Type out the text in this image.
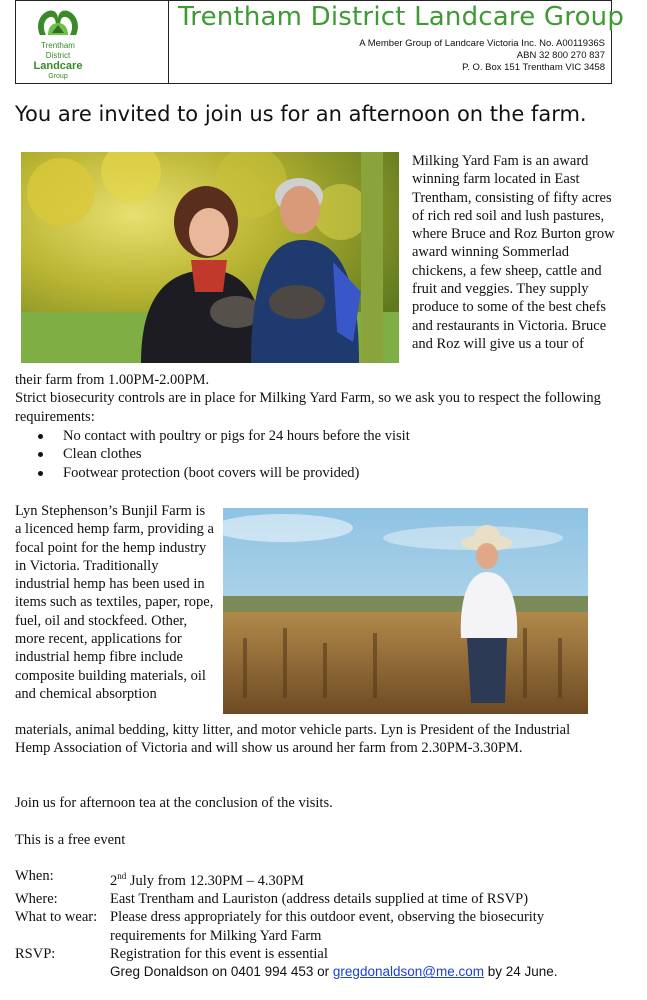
Trentham
District
Landcare
Group
Trentham District Landcare Group
A Member Group of Landcare Victoria Inc. No. A0011936S
ABN 32 800 270 837
P. O. Box 151 Trentham VIC 3458
You are invited to join us for an afternoon on the farm.
Milking Yard Fam is an award winning farm located in East Trentham, consisting of fifty acres of rich red soil and lush pastures, where Bruce and Roz Burton grow award winning Sommerlad chickens, a few sheep, cattle and fruit and veggies. They supply produce to some of the best chefs and restaurants in Victoria. Bruce and Roz will give us a tour of
their farm from 1.00PM-2.00PM.
Strict biosecurity controls are in place for Milking Yard Farm, so we ask you to respect the following requirements:
No contact with poultry or pigs for 24 hours before the visit
Clean clothes
Footwear protection (boot covers will be provided)
Lyn Stephenson’s Bunjil Farm is a licenced hemp farm, providing a focal point for the hemp industry in Victoria. Traditionally industrial hemp has been used in items such as textiles, paper, rope, fuel, oil and stockfeed. Other, more recent, applications for industrial hemp fibre include composite building materials, oil and chemical absorption
materials, animal bedding, kitty litter, and motor vehicle parts. Lyn is President of the Industrial Hemp Association of Victoria and will show us around her farm from 2.30PM-3.30PM.
Join us for afternoon tea at the conclusion of the visits.
This is a free event
When:	2nd July from 12.30PM – 4.30PM
Where:	East Trentham and Lauriston (address details supplied at time of RSVP)
What to wear: Please dress appropriately for this outdoor event, observing the biosecurity requirements for Milking Yard Farm
RSVP:	Registration for this event is essential
Greg Donaldson on 0401 994 453 or gregdonaldson@me.com by 24 June.
